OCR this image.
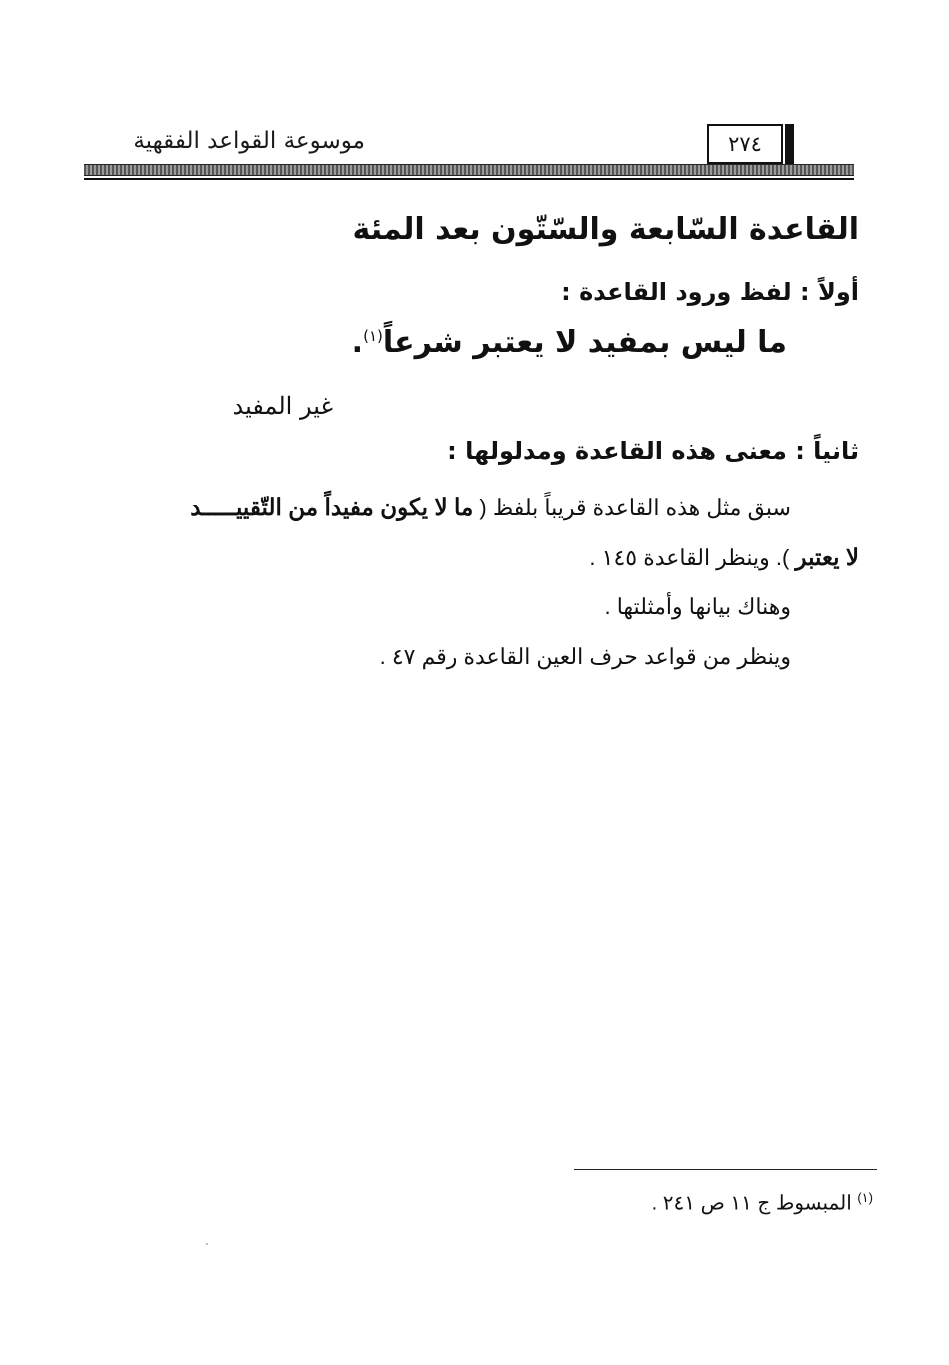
موسوعة القواعد الفقهية	٢٧٤
القاعدة السّابعة والسّتّون بعد المئة
أولاً : لفظ ورود القاعدة :
ما ليس بمفيد لا يعتبر شرعاً$^{(١)}$.
غير المفيد
ثانياً : معنى هذه القاعدة ومدلولها :
سبق مثل هذه القاعدة قريباً بلفظ ( ما لا يكون مفيداً من التّقييـــــد
لا يعتبر ). وينظر القاعدة ١٤٥ .
وهناك بيانها وأمثلتها .
وينظر من قواعد حرف العين القاعدة رقم ٤٧ .
$^{(١)}$ المبسوط ج ١١ ص ٢٤١ .
